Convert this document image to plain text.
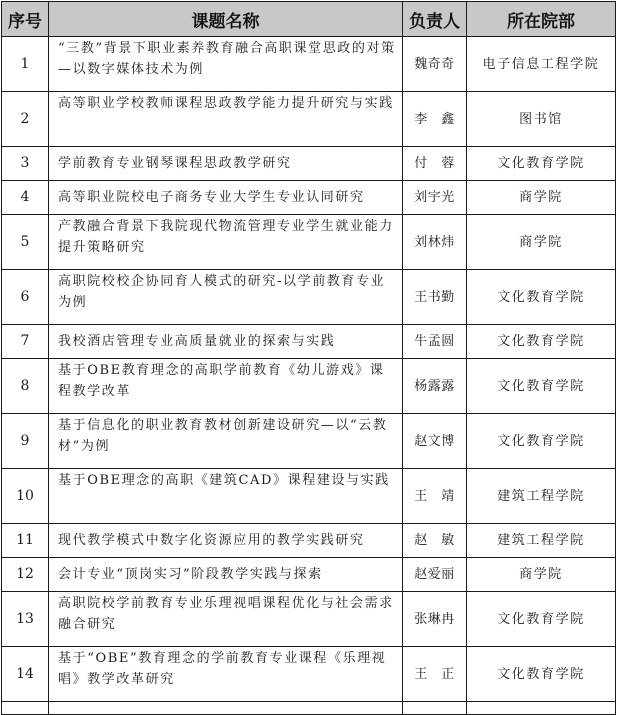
序号	课题名称	负责人	所在院部
1	“三教”背景下职业素养教育融合高职课堂思政的对策—以数字媒体技术为例	魏奇奇	电子信息工程学院
2	高等职业学校教师课程思政教学能力提升研究与实践	李　鑫	图书馆
3	学前教育专业钢琴课程思政教学研究	付　蓉	文化教育学院
4	高等职业院校电子商务专业大学生专业认同研究	刘宇光	商学院
5	产教融合背景下我院现代物流管理专业学生就业能力提升策略研究	刘林炜	商学院
6	高职院校校企协同育人模式的研究-以学前教育专业为例	王书勤	文化教育学院
7	我校酒店管理专业高质量就业的探索与实践	牛孟圆	文化教育学院
8	基于OBE教育理念的高职学前教育《幼儿游戏》课程教学改革	杨露露	文化教育学院
9	基于信息化的职业教育教材创新建设研究—以“云教材”为例	赵文博	文化教育学院
10	基于OBE理念的高职《建筑CAD》课程建设与实践	王　靖	建筑工程学院
11	现代教学模式中数字化资源应用的教学实践研究	赵　敏	建筑工程学院
12	会计专业“顶岗实习”阶段教学实践与探索	赵爱丽	商学院
13	高职院校学前教育专业乐理视唱课程优化与社会需求融合研究	张琳冉	文化教育学院
14	基于“OBE”教育理念的学前教育专业课程《乐理视唱》教学改革研究	王　正	文化教育学院
